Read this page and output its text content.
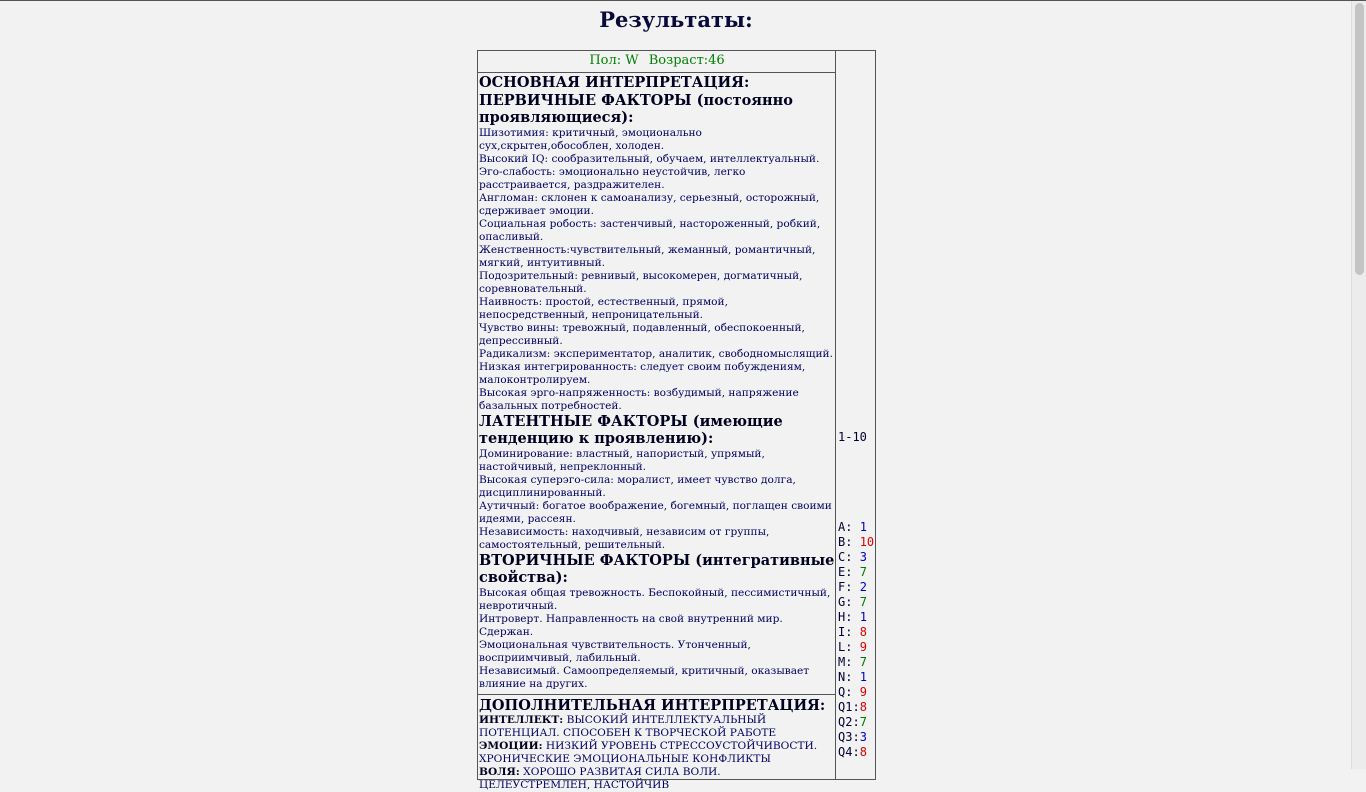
Результаты:
Пол: W Возраст:46
ОСНОВНАЯ ИНТЕРПРЕТАЦИЯ:
ПЕРВИЧНЫЕ ФАКТОРЫ (постоянно проявляющиеся):
Шизотимия: критичный, эмоционально сух,скрытен,обособлен, холоден.
Высокий IQ: сообразительный, обучаем, интеллектуальный.
Эго-слабость: эмоционально неустойчив, легко расстраивается, раздражителен.
Англоман: склонен к самоанализу, серьезный, осторожный, сдерживает эмоции.
Социальная робость: застенчивый, настороженный, робкий, опасливый.
Женственность:чувствительный, жеманный, романтичный, мягкий, интуитивный.
Подозрительный: ревнивый, высокомерен, догматичный, соревновательный.
Наивность: простой, естественный, прямой, непосредственный, непроницательный.
Чувство вины: тревожный, подавленный, обеспокоенный, депрессивный.
Радикализм: экспериментатор, аналитик, свободномыслящий.
Низкая интегрированность: следует своим побуждениям, малоконтролируем.
Высокая эрго-напряженность: возбудимый, напряжение базальных потребностей.
ЛАТЕНТНЫЕ ФАКТОРЫ (имеющие тенденцию к проявлению):
Доминирование: властный, напористый, упрямый, настойчивый, непреклонный.
Высокая суперэго-сила: моралист, имеет чувство долга, дисциплинированный.
Аутичный: богатое воображение, богемный, поглащен своими идеями, рассеян.
Независимость: находчивый, независим от группы, самостоятельный, решительный.
ВТОРИЧНЫЕ ФАКТОРЫ (интегративные свойства):
Высокая общая тревожность. Беспокойный, пессимистичный, невротичный.
Интроверт. Направленность на свой внутренний мир. Сдержан.
Эмоциональная чувствительность. Утонченный, восприимчивый, лабильный.
Независимый. Самоопределяемый, критичный, оказывает влияние на других.
ДОПОЛНИТЕЛЬНАЯ ИНТЕРПРЕТАЦИЯ:
ИНТЕЛЛЕКТ: ВЫСОКИЙ ИНТЕЛЛЕКТУАЛЬНЫЙ ПОТЕНЦИАЛ. СПОСОБЕН К ТВОРЧЕСКОЙ РАБОТЕ
ЭМОЦИИ: НИЗКИЙ УРОВЕНЬ СТРЕССОУСТОЙЧИВОСТИ. ХРОНИЧЕСКИЕ ЭМОЦИОНАЛЬНЫЕ КОНФЛИКТЫ
ВОЛЯ: ХОРОШО РАЗВИТАЯ СИЛА ВОЛИ. ЦЕЛЕУСТРЕМЛЕН, НАСТОЙЧИВ

1-10

A: 1
B: 10
C: 3
E: 7
F: 2
G: 7
H: 1
I: 8
L: 9
M: 7
N: 1
Q: 9
Q1:8
Q2:7
Q3:3
Q4:8
